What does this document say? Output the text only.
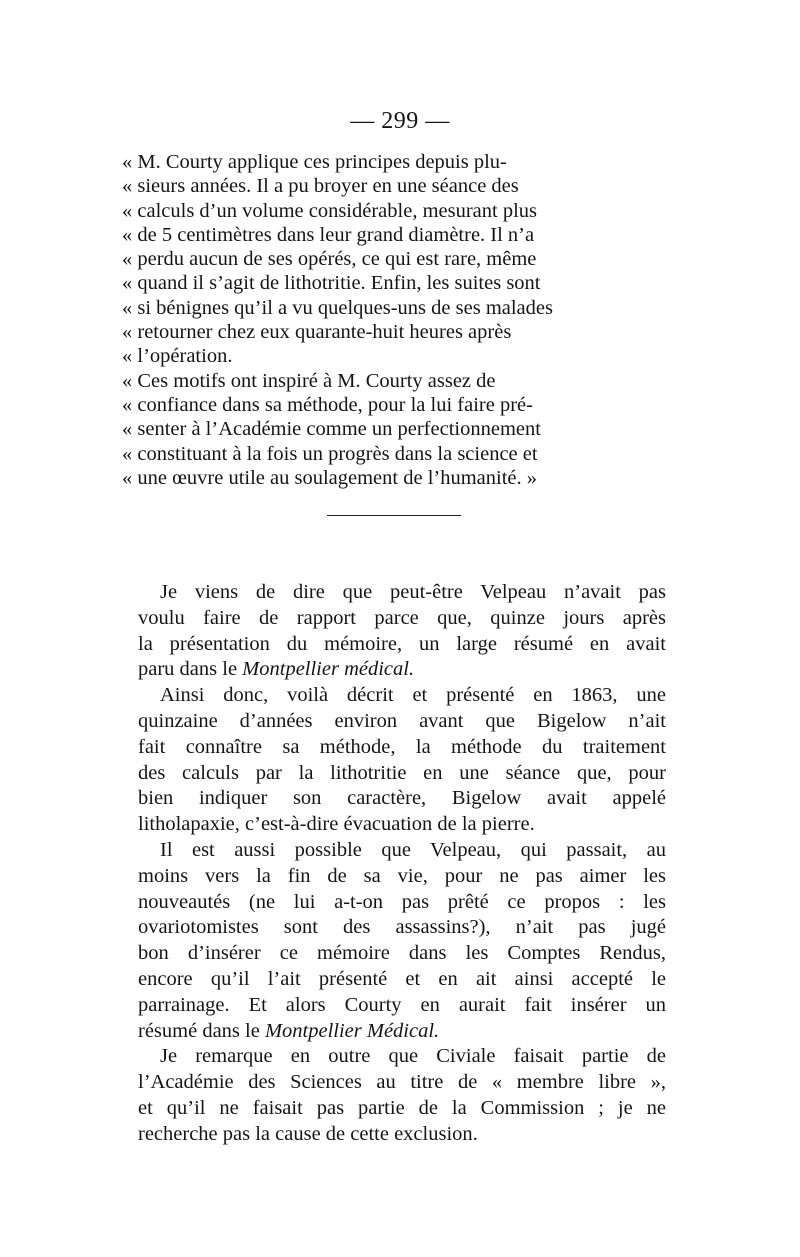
— 299 —
« M. Courty applique ces principes depuis plu-
« sieurs années. Il a pu broyer en une séance des
« calculs d’un volume considérable, mesurant plus
« de 5 centimètres dans leur grand diamètre. Il n’a
« perdu aucun de ses opérés, ce qui est rare, même
« quand il s’agit de lithotritie. Enfin, les suites sont
« si bénignes qu’il a vu quelques-uns de ses malades
« retourner chez eux quarante-huit heures après
« l’opération.
« Ces motifs ont inspiré à M. Courty assez de
« confiance dans sa méthode, pour la lui faire pré-
« senter à l’Académie comme un perfectionnement
« constituant à la fois un progrès dans la science et
« une œuvre utile au soulagement de l’humanité. »
Je viens de dire que peut-être Velpeau n’avait pas
voulu faire de rapport parce que, quinze jours après
la présentation du mémoire, un large résumé en avait
paru dans le Montpellier médical.
Ainsi donc, voilà décrit et présenté en 1863, une
quinzaine d’années environ avant que Bigelow n’ait
fait connaître sa méthode, la méthode du traitement
des calculs par la lithotritie en une séance que, pour
bien indiquer son caractère, Bigelow avait appelé
litholapaxie, c’est-à-dire évacuation de la pierre.
Il est aussi possible que Velpeau, qui passait, au
moins vers la fin de sa vie, pour ne pas aimer les
nouveautés (ne lui a-t-on pas prêté ce propos : les
ovariotomistes sont des assassins?), n’ait pas jugé
bon d’insérer ce mémoire dans les Comptes Rendus,
encore qu’il l’ait présenté et en ait ainsi accepté le
parrainage. Et alors Courty en aurait fait insérer un
résumé dans le Montpellier Médical.
Je remarque en outre que Civiale faisait partie de
l’Académie des Sciences au titre de « membre libre »,
et qu’il ne faisait pas partie de la Commission ; je ne
recherche pas la cause de cette exclusion.
